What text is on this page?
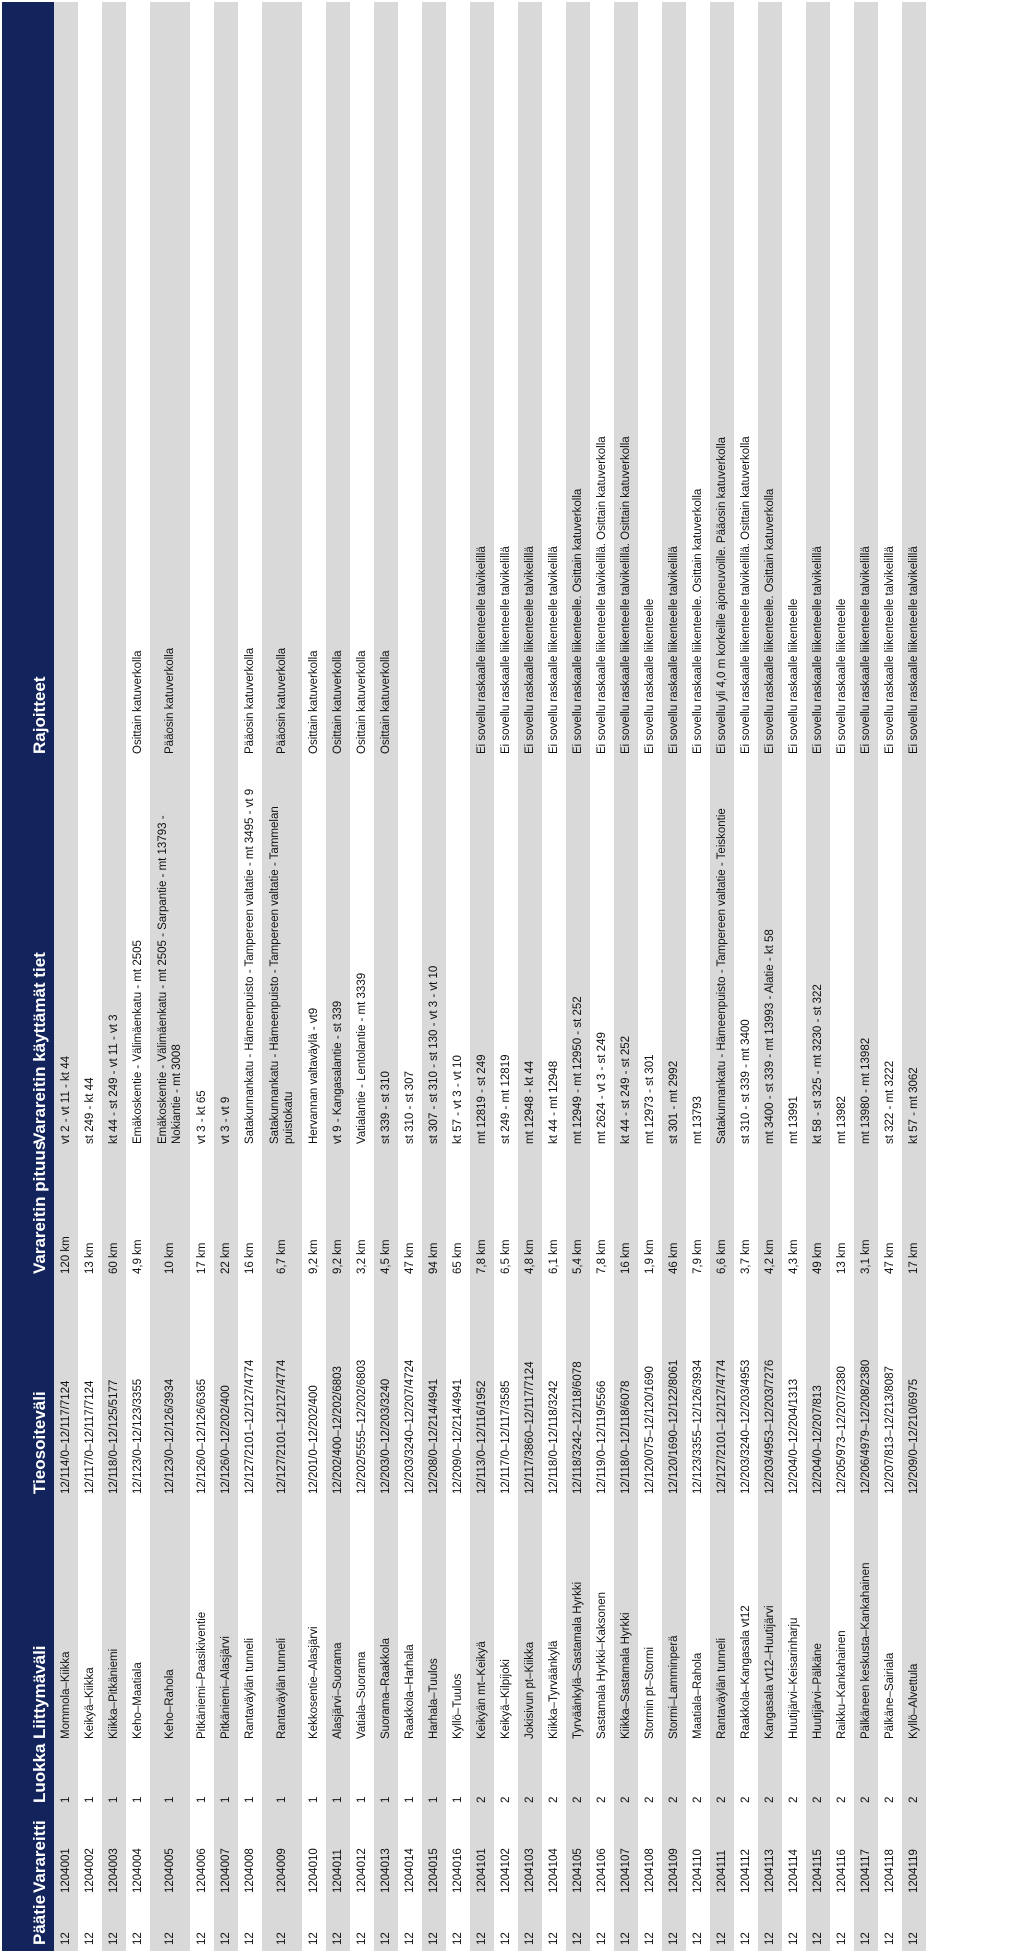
Päätie	Varareitti	Luokka	Liittymäväli	Tieosoiteväli	Varareitin pituus	Varareitin käyttämät tiet	Rajoitteet
12	1204001	1	Mommola–Kiikka	12/114/0–12/117/7124	120 km	vt 2 - vt 11 - kt 44	
12	1204002	1	Keikyä–Kiikka	12/117/0–12/117/7124	13 km	st 249 - kt 44	
12	1204003	1	Kiikka–Pitkäniemi	12/118/0–12/125/5177	60 km	kt 44 - st 249 - vt 11 - vt 3	
12	1204004	1	Keho–Maatiala	12/123/0–12/123/3355	4,9 km	Emäkoskentie - Välimäenkatu - mt 2505	Osittain katuverkolla
12	1204005	1	Keho–Rahola	12/123/0–12/126/3934	10 km	Emäkoskentie - Välimäenkatu - mt 2505 - Sarpantie - mt 13793 - Nokiantie - mt 3008	Pääosin katuverkolla
12	1204006	1	Pitkäniemi–Paasikiventie	12/126/0–12/126/6365	17 km	vt 3 - kt 65	
12	1204007	1	Pitkäniemi–Alasjärvi	12/126/0–12/202/400	22 km	vt 3 - vt 9	
12	1204008	1	Rantaväylän tunneli	12/127/2101–12/127/4774	16 km	Satakunnankatu - Hämeenpuisto - Tampereen valtatie - mt 3495 - vt 9	Pääosin katuverkolla
12	1204009	1	Rantaväylän tunneli	12/127/2101–12/127/4774	6,7 km	Satakunnankatu - Hämeenpuisto - Tampereen valtatie - Tammelan puistokatu	Pääosin katuverkolla
12	1204010	1	Kekkosentie–Alasjärvi	12/201/0–12/202/400	9,2 km	Hervannan valtaväylä - vt9	Osittain katuverkolla
12	1204011	1	Alasjärvi–Suorama	12/202/400–12/202/6803	9,2 km	vt 9 - Kangasalantie - st 339	Osittain katuverkolla
12	1204012	1	Vatiala–Suorama	12/202/5555–12/202/6803	3,2 km	Vatialantie - Lentolantie - mt 3339	Osittain katuverkolla
12	1204013	1	Suorama–Raakkola	12/203/0–12/203/3240	4,5 km	st 339 - st 310	Osittain katuverkolla
12	1204014	1	Raakkola–Harhala	12/203/3240–12/207/4724	47 km	st 310 - st 307	
12	1204015	1	Harhala–Tuulos	12/208/0–12/214/4941	94 km	st 307 - st 310 - st 130 - vt 3 - vt 10	
12	1204016	1	Kyllö–Tuulos	12/209/0–12/214/4941	65 km	kt 57 - vt 3 - vt 10	
12	1204101	2	Keikyän mt–Keikyä	12/113/0–12/116/1952	7,8 km	mt 12819 - st 249	Ei sovellu raskaalle liikenteelle talvikelillä
12	1204102	2	Keikyä–Kilpijoki	12/117/0–12/117/3585	6,5 km	st 249 - mt 12819	Ei sovellu raskaalle liikenteelle talvikelillä
12	1204103	2	Jokisivun pt–Kiikka	12/117/3860–12/117/7124	4,8 km	mt 12948 - kt 44	Ei sovellu raskaalle liikenteelle talvikelillä
12	1204104	2	Kiikka–Tyrväänkylä	12/118/0–12/118/3242	6,1 km	kt 44 - mt 12948	Ei sovellu raskaalle liikenteelle talvikelillä
12	1204105	2	Tyrväänkylä–Sastamala Hyrkki	12/118/3242–12/118/6078	5,4 km	mt 12949 - mt 12950 - st 252	Ei sovellu raskaalle liikenteelle. Osittain katuverkolla
12	1204106	2	Sastamala Hyrkki–Kaksonen	12/119/0–12/119/5566	7,8 km	mt 2624 - vt 3 - st 249	Ei sovellu raskaalle liikenteelle talvikelillä. Osittain katuverkolla
12	1204107	2	Kiikka–Sastamala Hyrkki	12/118/0–12/118/6078	16 km	kt 44 - st 249 - st 252	Ei sovellu raskaalle liikenteelle talvikelillä. Osittain katuverkolla
12	1204108	2	Stormin pt–Stormi	12/120/075–12/120/1690	1,9 km	mt 12973 - st 301	Ei sovellu raskaalle liikenteelle
12	1204109	2	Stormi–Lamminperä	12/120/1690–12/122/8061	46 km	st 301 - mt 2992	Ei sovellu raskaalle liikenteelle talvikelillä
12	1204110	2	Maatiala–Rahola	12/123/3355–12/126/3934	7,9 km	mt 13793	Ei sovellu raskaalle liikenteelle. Osittain katuverkolla
12	1204111	2	Rantaväylän tunneli	12/127/2101–12/127/4774	6,6 km	Satakunnankatu - Hämeenpuisto - Tampereen valtatie - Teiskontie	Ei sovellu yli 4,0 m korkeille ajoneuvoille. Pääosin katuverkolla
12	1204112	2	Raakkola–Kangasala vt12	12/203/3240–12/203/4953	3,7 km	st 310 - st 339 - mt 3400	Ei sovellu raskaalle liikenteelle talvikelillä. Osittain katuverkolla
12	1204113	2	Kangasala vt12–Huutijärvi	12/203/4953–12/203/7276	4,2 km	mt 3400 - st 339 - mt 13993 - Alatie - kt 58	Ei sovellu raskaalle liikenteelle. Osittain katuverkolla
12	1204114	2	Huutijärvi–Keisarinharju	12/204/0–12/204/1313	4,3 km	mt 13991	Ei sovellu raskaalle liikenteelle
12	1204115	2	Huutijärvi–Pälkäne	12/204/0–12/207/813	49 km	kt 58 - st 325 - mt 3230 - st 322	Ei sovellu raskaalle liikenteelle talvikelillä
12	1204116	2	Raikku–Kankahainen	12/205/973–12/207/2380	13 km	mt 13982	Ei sovellu raskaalle liikenteelle
12	1204117	2	Pälkäneen keskusta–Kankahainen	12/206/4979–12/208/2380	3,1 km	mt 13980 - mt 13982	Ei sovellu raskaalle liikenteelle talvikelillä
12	1204118	2	Pälkäne–Sairiala	12/207/813–12/213/8087	47 km	st 322 - mt 3222	Ei sovellu raskaalle liikenteelle talvikelillä
12	1204119	2	Kyllö–Alvettula	12/209/0–12/210/6975	17 km	kt 57 - mt 3062	Ei sovellu raskaalle liikenteelle talvikelillä
